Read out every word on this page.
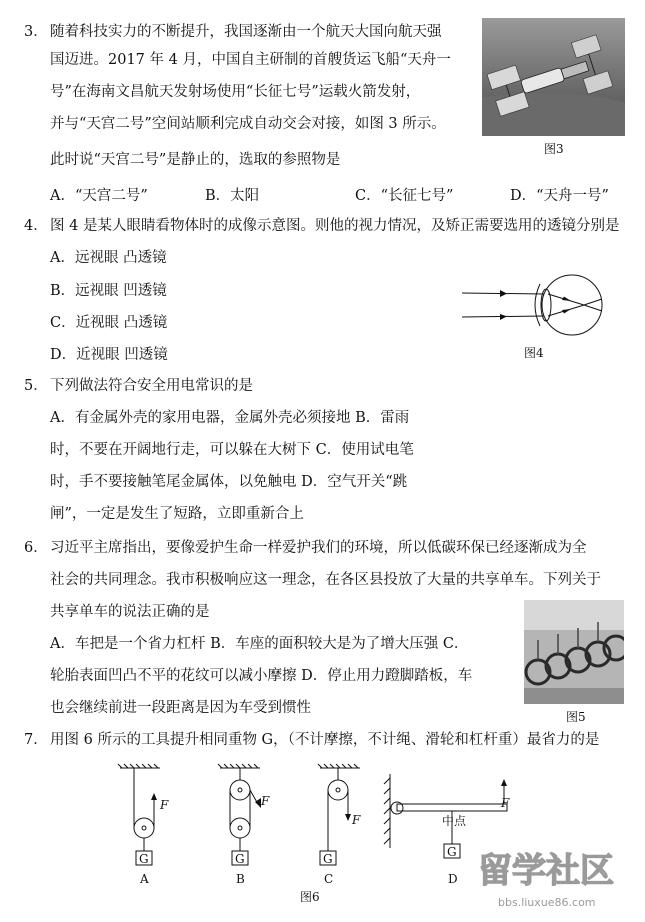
3． 随着科技实力的不断提升，我国逐渐由一个航天大国向航天强
国迈进。2017 年 4 月，中国自主研制的首艘货运飞船“天舟一
号”在海南文昌航天发射场使用“长征七号”运载火箭发射，
并与“天宫二号”空间站顺利完成自动交会对接，如图 3 所示。
此时说“天宫二号”是静止的，选取的参照物是
图3
A．“天宫二号”	B．太阳	C．“长征七号”	D．“天舟一号”
4． 图 4 是某人眼睛看物体时的成像示意图。则他的视力情况，及矫正需要选用的透镜分别是
A．远视眼 凸透镜
B．远视眼 凹透镜
C．近视眼 凸透镜
D．近视眼 凹透镜	图4
5． 下列做法符合安全用电常识的是
A．有金属外壳的家用电器，金属外壳必须接地 B．雷雨
时，不要在开阔地行走，可以躲在大树下 C．使用试电笔
时，手不要接触笔尾金属体，以免触电 D．空气开关“跳
闸”，一定是发生了短路，立即重新合上
6． 习近平主席指出，要像爱护生命一样爱护我们的环境，所以低碳环保已经逐渐成为全
社会的共同理念。我市积极响应这一理念，在各区县投放了大量的共享单车。下列关于
共享单车的说法正确的是
A．车把是一个省力杠杆 B．车座的面积较大是为了增大压强 C．
轮胎表面凹凸不平的花纹可以减小摩擦 D．停止用力蹬脚踏板，车
也会继续前进一段距离是因为车受到惯性
图5
7． 用图 6 所示的工具提升相同重物 G，（不计摩擦，不计绳、滑轮和杠杆重）最省力的是
F	F
F
F
中点
G	G	G	G
A	B	C	D
图6
留学社区
bbs.liuxue86.com
